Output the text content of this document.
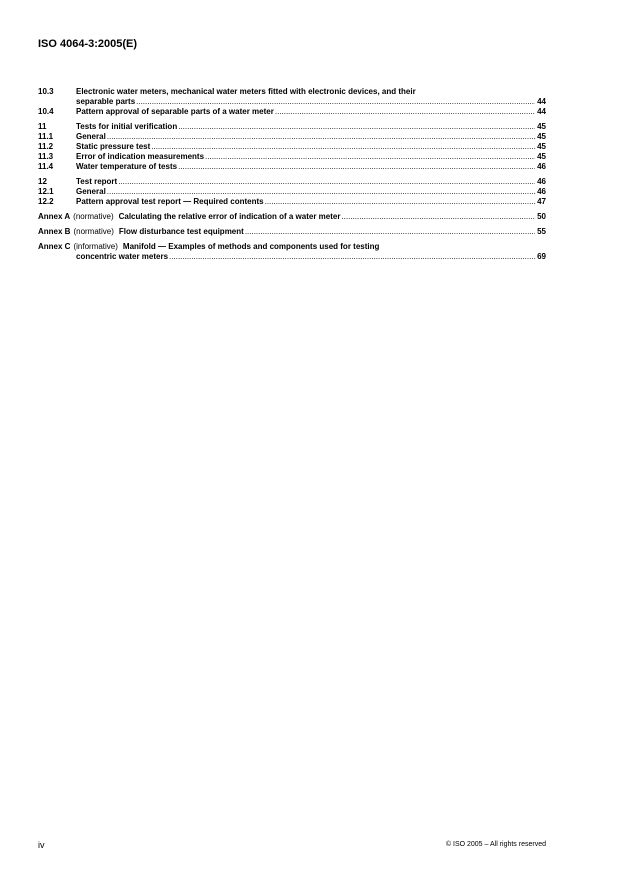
ISO 4064-3:2005(E)
10.3	Electronic water meters, mechanical water meters fitted with electronic devices, and their
separable parts .....	44
10.4	Pattern approval of separable parts of a water meter .....	44
11	Tests for initial verification .....	45
11.1	General .....	45
11.2	Static pressure test .....	45
11.3	Error of indication measurements .....	45
11.4	Water temperature of tests .....	46
12	Test report .....	46
12.1	General .....	46
12.2	Pattern approval test report — Required contents .....	47
Annex A (normative) Calculating the relative error of indication of a water meter .....	50
Annex B (normative) Flow disturbance test equipment .....	55
Annex C (informative) Manifold — Examples of methods and components used for testing
concentric water meters .....	69
iv	© ISO 2005 – All rights reserved
